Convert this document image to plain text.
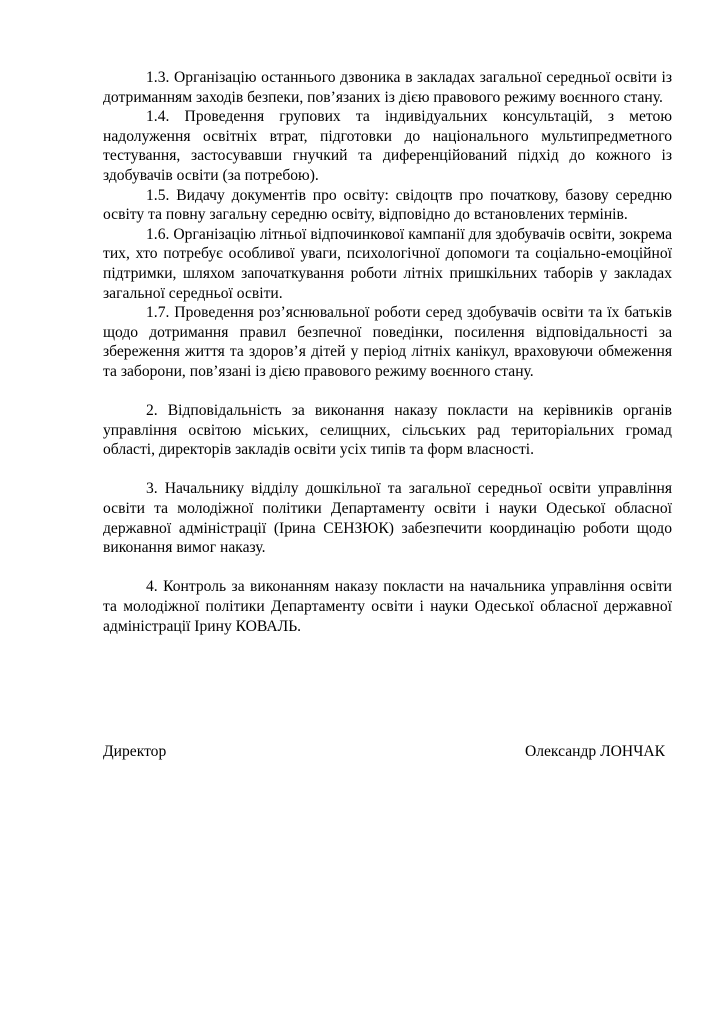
1.3. Організацію останнього дзвоника в закладах загальної середньої освіти із дотриманням заходів безпеки, пов’язаних із дією правового режиму воєнного стану.

1.4. Проведення групових та індивідуальних консультацій, з метою надолуження освітніх втрат, підготовки до національного мультипредметного тестування, застосувавши гнучкий та диференційований підхід до кожного із здобувачів освіти (за потребою).

1.5. Видачу документів про освіту: свідоцтв про початкову, базову середню освіту та повну загальну середню освіту, відповідно до встановлених термінів.

1.6. Організацію літньої відпочинкової кампанії для здобувачів освіти, зокрема тих, хто потребує особливої уваги, психологічної допомоги та соціально-емоційної підтримки, шляхом започаткування роботи літніх пришкільних таборів у закладах загальної середньої освіти.

1.7. Проведення роз’яснювальної роботи серед здобувачів освіти та їх батьків щодо дотримання правил безпечної поведінки, посилення відповідальності за збереження життя та здоров’я дітей у період літніх канікул, враховуючи обмеження та заборони, пов’язані із дією правового режиму воєнного стану.

2. Відповідальність за виконання наказу покласти на керівників органів управління освітою міських, селищних, сільських рад територіальних громад області, директорів закладів освіти усіх типів та форм власності.

3. Начальнику відділу дошкільної та загальної середньої освіти управління освіти та молодіжної політики Департаменту освіти і науки Одеської обласної державної адміністрації (Ірина СЕНЗЮК) забезпечити координацію роботи щодо виконання вимог наказу.

4. Контроль за виконанням наказу покласти на начальника управління освіти та молодіжної політики Департаменту освіти і науки Одеської обласної державної адміністрації Ірину КОВАЛЬ.

Директор	Олександр ЛОНЧАК
